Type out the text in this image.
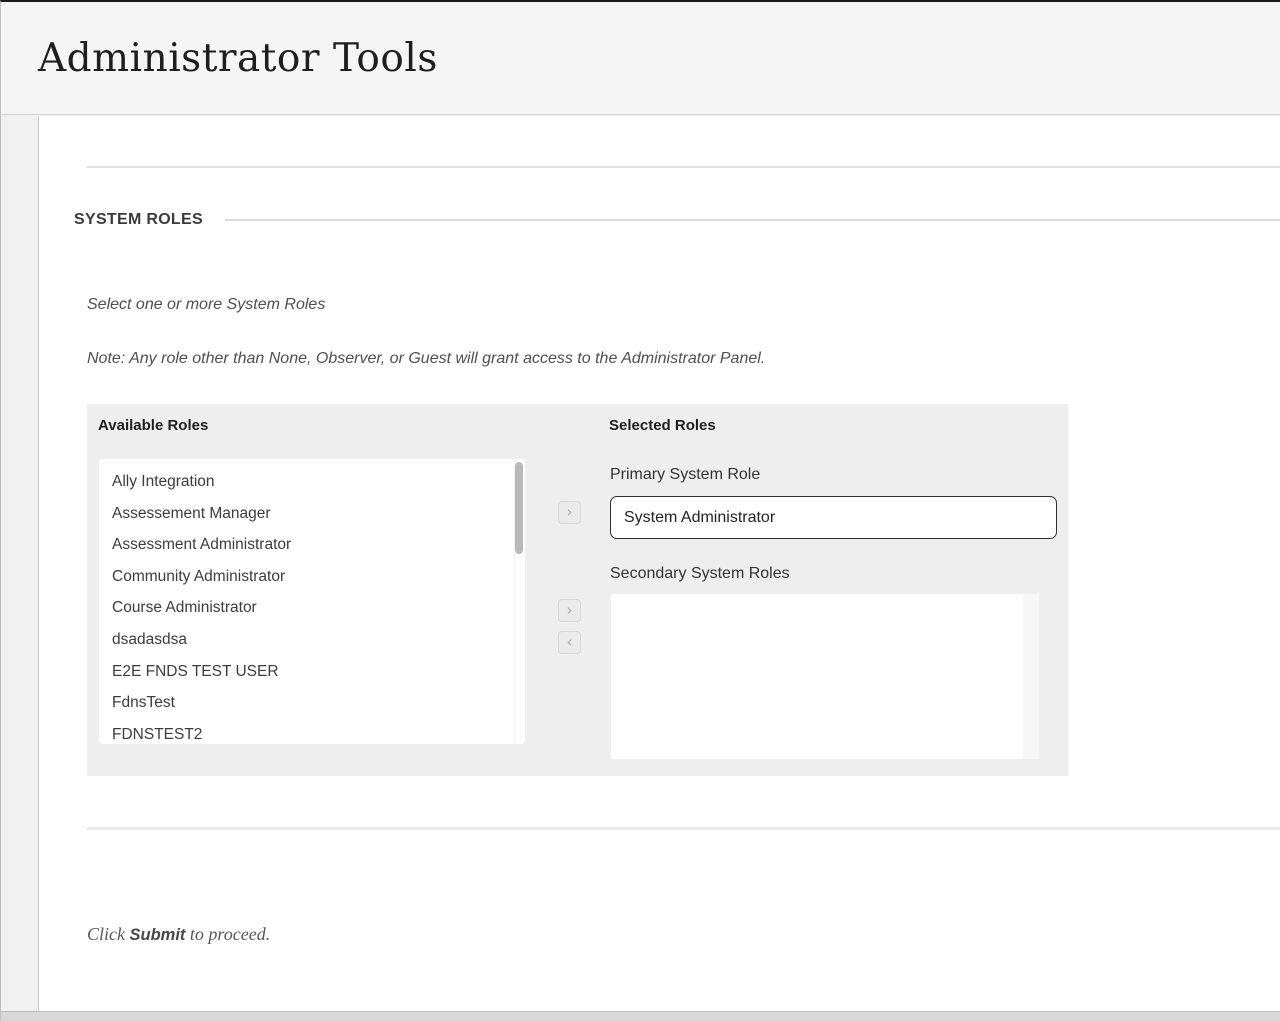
Administrator Tools
SYSTEM ROLES

Select one or more System Roles

Note: Any role other than None, Observer, or Guest will grant access to the Administrator Panel.

Available Roles
Ally Integration
Assessement Manager
Assessment Administrator
Community Administrator
Course Administrator
dsadasdsa
E2E FNDS TEST USER
FdnsTest
FDNSTEST2
›
›
‹
Selected Roles
Primary System Role
System Administrator
Secondary System Roles

Click Submit to proceed.
